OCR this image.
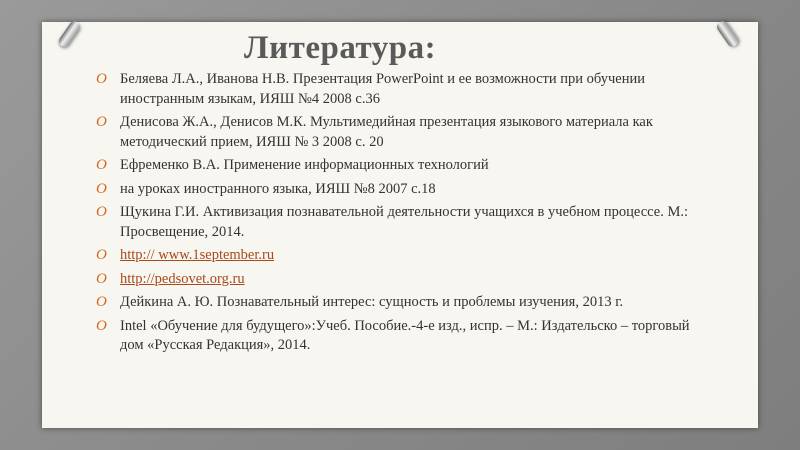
Литература:
O Беляева Л.А., Иванова Н.В. Презентация PowerPoint и ее возможности при обучении иностранным языкам, ИЯШ №4 2008 с.36
O Денисова Ж.А., Денисов М.К. Мультимедийная презентация языкового материала как методический прием, ИЯШ № 3 2008 с. 20
O Ефременко В.А. Применение информационных технологий
O на уроках иностранного языка, ИЯШ №8 2007 с.18
O Щукина Г.И. Активизация познавательной деятельности учащихся в учебном процессе. М.: Просвещение, 2014.
O http:// www.1september.ru
O http://pedsovet.org.ru
O Дейкина А. Ю. Познавательный интерес: сущность и проблемы изучения, 2013 г.
O Intel «Обучение для будущего»:Учеб. Пособие.-4-е изд., испр. – М.: Издательско – торговый дом «Русская Редакция», 2014.
